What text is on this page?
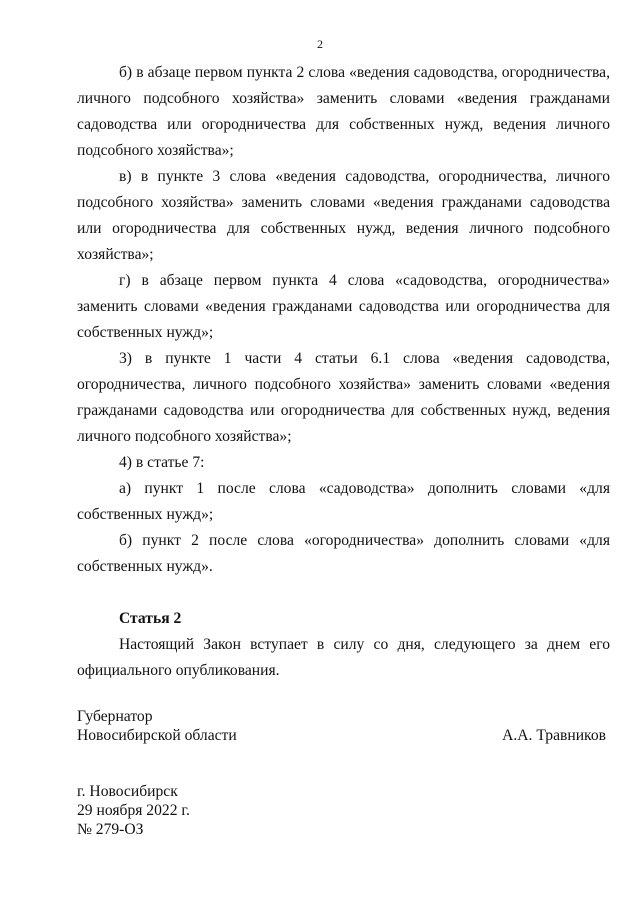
2

б) в абзаце первом пункта 2 слова «ведения садоводства, огородничества, личного подсобного хозяйства» заменить словами «ведения гражданами садоводства или огородничества для собственных нужд, ведения личного подсобного хозяйства»;

в) в пункте 3 слова «ведения садоводства, огородничества, личного подсобного хозяйства» заменить словами «ведения гражданами садоводства или огородничества для собственных нужд, ведения личного подсобного хозяйства»;

г) в абзаце первом пункта 4 слова «садоводства, огородничества» заменить словами «ведения гражданами садоводства или огородничества для собственных нужд»;

3) в пункте 1 части 4 статьи 6.1 слова «ведения садоводства, огородничества, личного подсобного хозяйства» заменить словами «ведения гражданами садоводства или огородничества для собственных нужд, ведения личного подсобного хозяйства»;

4) в статье 7:

а) пункт 1 после слова «садоводства» дополнить словами «для собственных нужд»;

б) пункт 2 после слова «огородничества» дополнить словами «для собственных нужд».

Статья 2

Настоящий Закон вступает в силу со дня, следующего за днем его официального опубликования.

Губернатор
Новосибирской области	А.А. Травников
г. Новосибирск
29 ноября 2022 г.
№ 279-ОЗ
